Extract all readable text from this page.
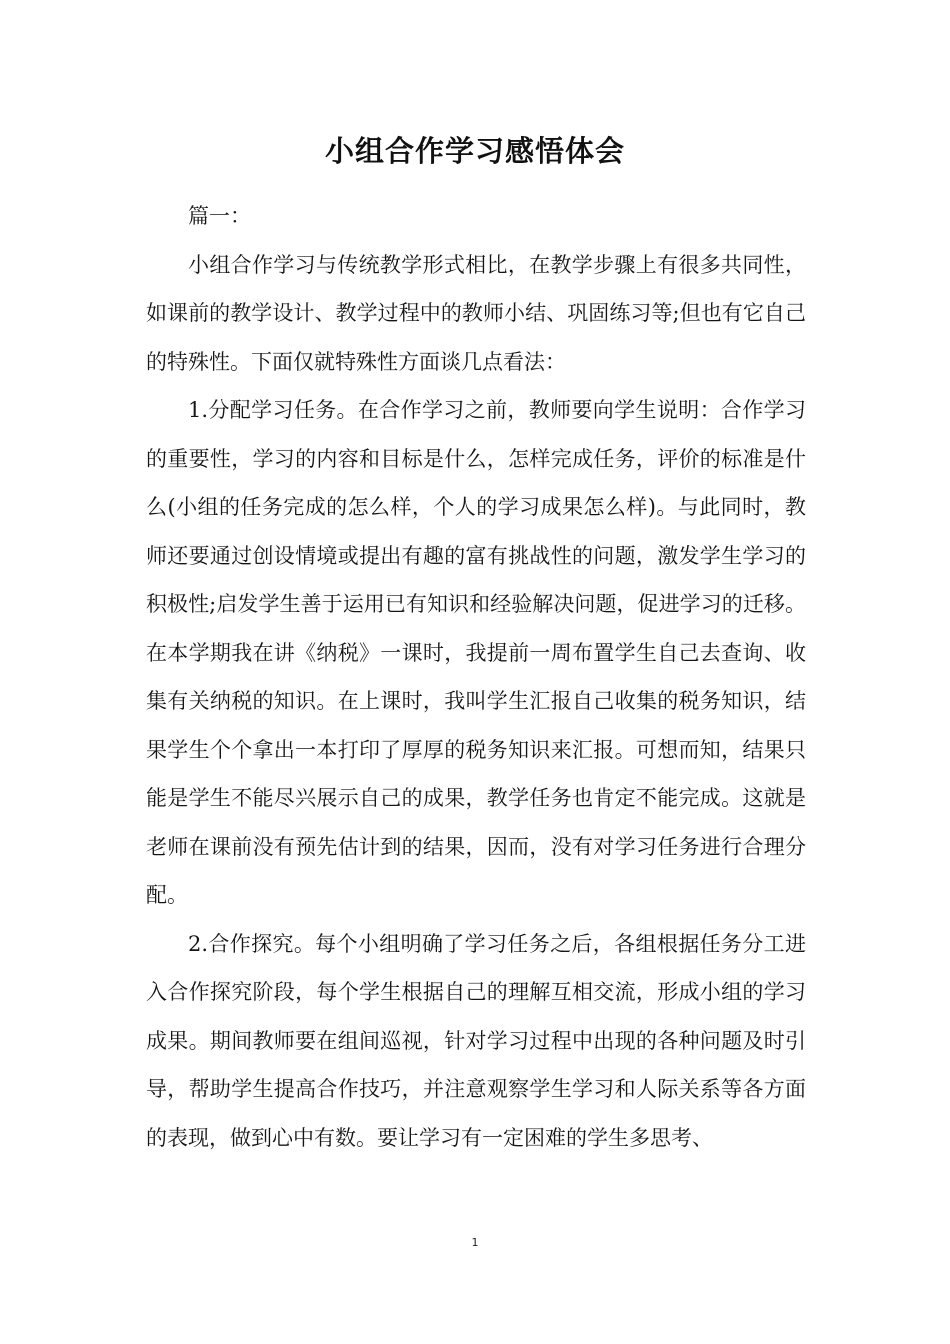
小组合作学习感悟体会

篇一：

小组合作学习与传统教学形式相比，在教学步骤上有很多共同性，如课前的教学设计、教学过程中的教师小结、巩固练习等;但也有它自己的特殊性。下面仅就特殊性方面谈几点看法：

1.分配学习任务。在合作学习之前，教师要向学生说明：合作学习的重要性，学习的内容和目标是什么，怎样完成任务，评价的标准是什么(小组的任务完成的怎么样，个人的学习成果怎么样)。与此同时，教师还要通过创设情境或提出有趣的富有挑战性的问题，激发学生学习的积极性;启发学生善于运用已有知识和经验解决问题，促进学习的迁移。在本学期我在讲《纳税》一课时，我提前一周布置学生自己去查询、收集有关纳税的知识。在上课时，我叫学生汇报自己收集的税务知识，结果学生个个拿出一本打印了厚厚的税务知识来汇报。可想而知，结果只能是学生不能尽兴展示自己的成果，教学任务也肯定不能完成。这就是老师在课前没有预先估计到的结果，因而，没有对学习任务进行合理分配。

2.合作探究。每个小组明确了学习任务之后，各组根据任务分工进入合作探究阶段，每个学生根据自己的理解互相交流，形成小组的学习成果。期间教师要在组间巡视，针对学习过程中出现的各种问题及时引导，帮助学生提高合作技巧，并注意观察学生学习和人际关系等各方面的表现，做到心中有数。要让学习有一定困难的学生多思考、

1
